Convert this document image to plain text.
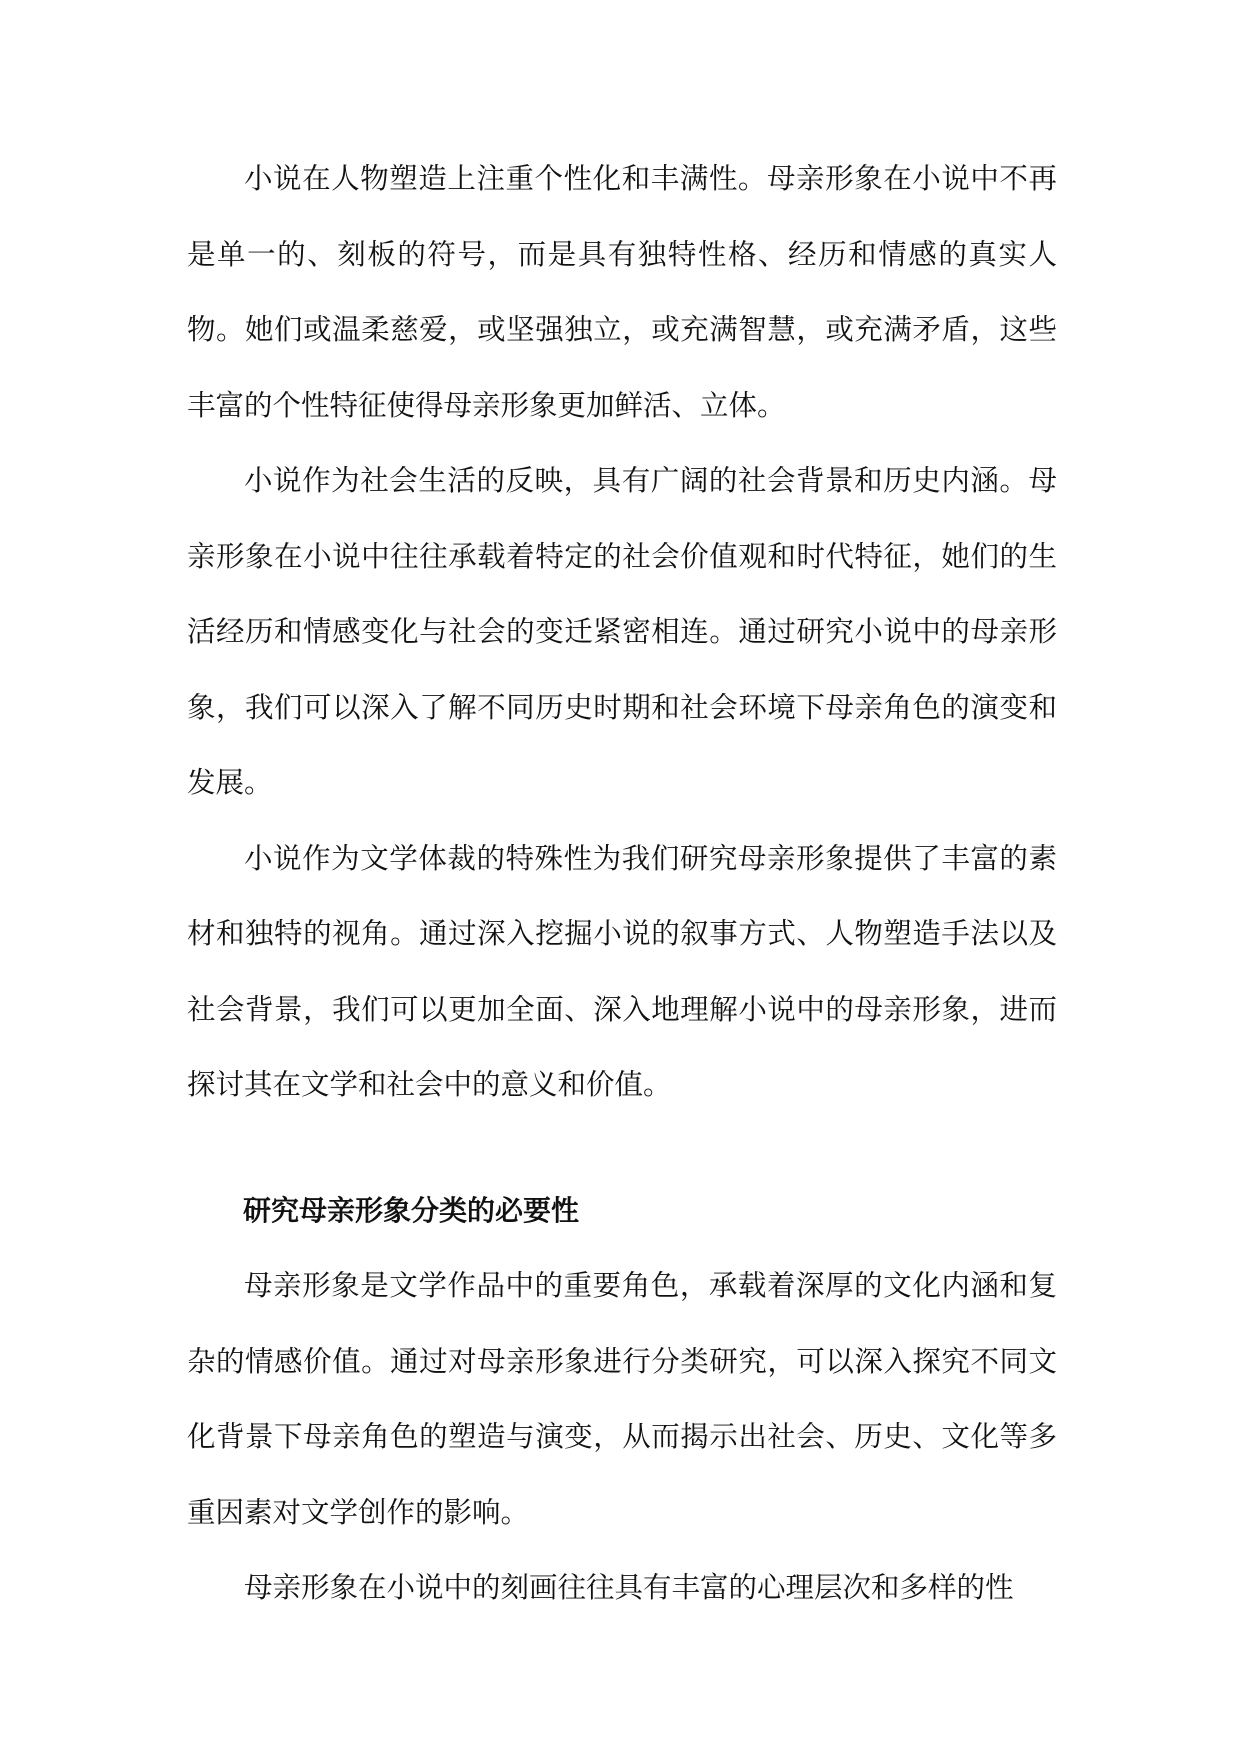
小说在人物塑造上注重个性化和丰满性。母亲形象在小说中不再是单一的、刻板的符号，而是具有独特性格、经历和情感的真实人物。她们或温柔慈爱，或坚强独立，或充满智慧，或充满矛盾，这些丰富的个性特征使得母亲形象更加鲜活、立体。

小说作为社会生活的反映，具有广阔的社会背景和历史内涵。母亲形象在小说中往往承载着特定的社会价值观和时代特征，她们的生活经历和情感变化与社会的变迁紧密相连。通过研究小说中的母亲形象，我们可以深入了解不同历史时期和社会环境下母亲角色的演变和发展。

小说作为文学体裁的特殊性为我们研究母亲形象提供了丰富的素材和独特的视角。通过深入挖掘小说的叙事方式、人物塑造手法以及社会背景，我们可以更加全面、深入地理解小说中的母亲形象，进而探讨其在文学和社会中的意义和价值。

研究母亲形象分类的必要性

母亲形象是文学作品中的重要角色，承载着深厚的文化内涵和复杂的情感价值。通过对母亲形象进行分类研究，可以深入探究不同文化背景下母亲角色的塑造与演变，从而揭示出社会、历史、文化等多重因素对文学创作的影响。

母亲形象在小说中的刻画往往具有丰富的心理层次和多样的性
